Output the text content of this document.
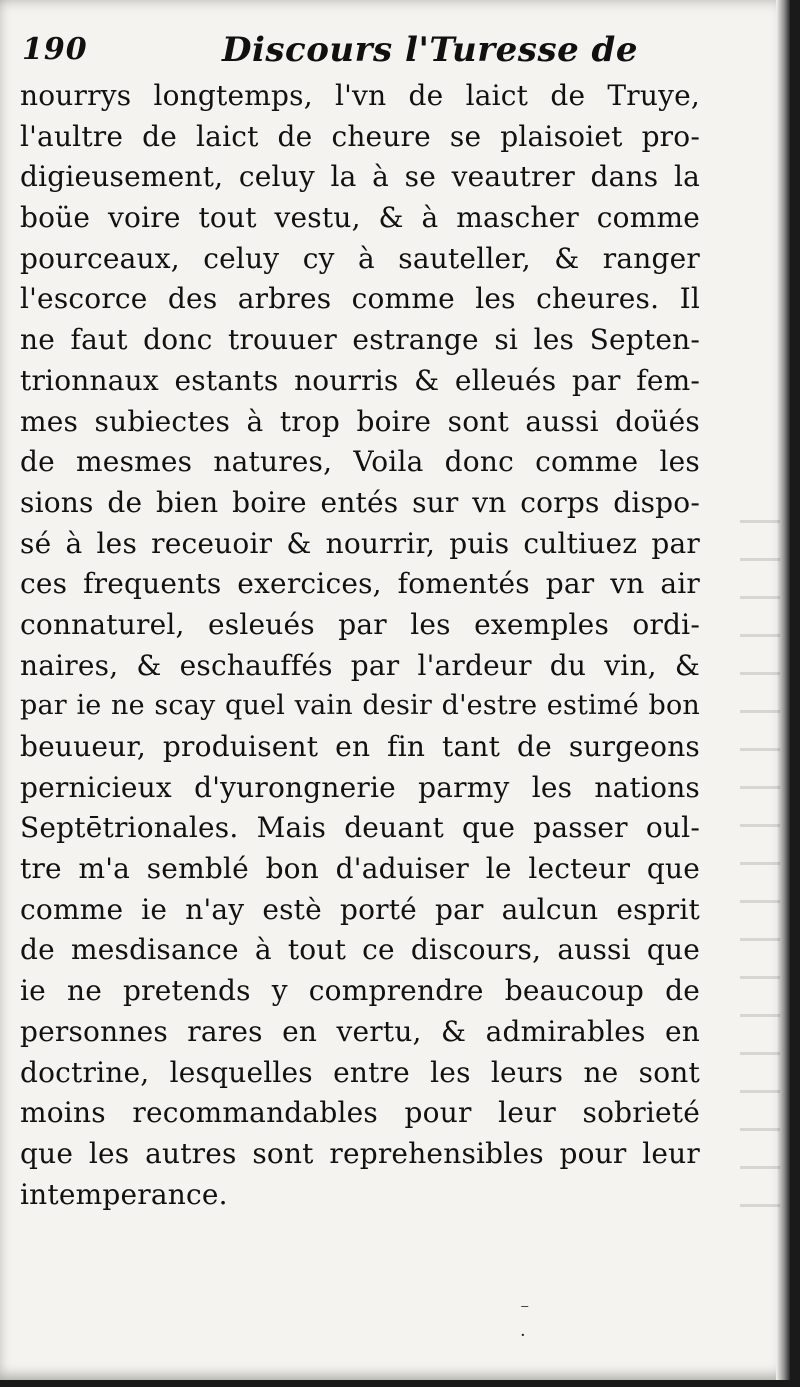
190	Discours l'Turesse de
nourrys longtemps, l'vn de laict de Truye,
l'aultre de laict de cheure se plaisoiet pro-
digieusement, celuy la à se veautrer dans la
boüe voire tout vestu, & à mascher comme
pourceaux, celuy cy à sauteller, & ranger
l'escorce des arbres comme les cheures. Il
ne faut donc trouuer estrange si les Septen-
trionnaux estants nourris & elleués par fem-
mes subiectes à trop boire sont aussi doüés
de mesmes natures, Voila donc comme les
sions de bien boire entés sur vn corps dispo-
sé à les receuoir & nourrir, puis cultiuez par
ces frequents exercices, fomentés par vn air
connaturel, esleués par les exemples ordi-
naires, & eschauffés par l'ardeur du vin, &
par ie ne scay quel vain desir d'estre estimé bon
beuueur, produisent en fin tant de surgeons
pernicieux d'yurongnerie parmy les nations
Septētrionales. Mais deuant que passer oul-
tre m'a semblé bon d'aduiser le lecteur que
comme ie n'ay estè porté par aulcun esprit
de mesdisance à tout ce discours, aussi que
ie ne pretends y comprendre beaucoup de
personnes rares en vertu, & admirables en
doctrine, lesquelles entre les leurs ne sont
moins recommandables pour leur sobrieté
que les autres sont reprehensibles pour leur
intemperance.
⁻
·
